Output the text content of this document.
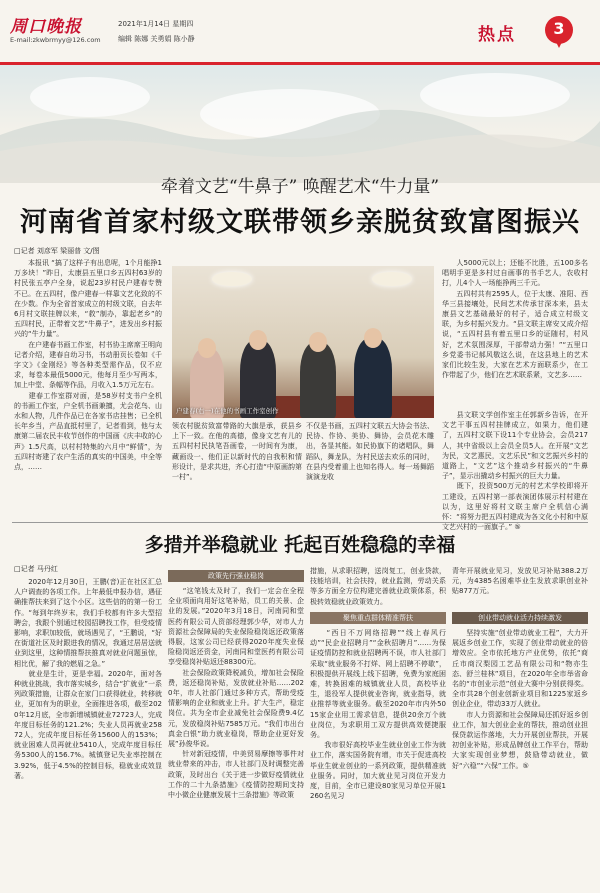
周口晚报
E-mail:zkwbrmyy@126.com
2021年1月14日 星期四
编辑 陈娜 关勇娟 陈小静	热点	3
牵着文艺“牛鼻子” 唤醒艺术“牛力量”
河南省首家村级文联带领乡亲脱贫致富图振兴
□记者 刘彦军 梁丽普 文/图
　　本报讯 “搞了这样子有出息呢，1个月能挣1万多块！”昨日，太康县五里口乡五四村63岁的村民张五亭户全身，说起23岁村民户建春专赞不已。在五四村，像户建春一样靠文艺化致的不在少数。作为全省首家成立的村级文联，自去年6月村文联挂牌以来，“救”制办，靠起老乡”的五四村民，正带着文艺“牛鼻子”，进发出乡村振兴的“牛力量”。
　　在户建春书画工作室，村书协主席席王明向记者介绍，建春自幼习书，书动册页长卷如《千字文》《金刚经》等各种类型需作品，仅不应求，每卷本最低5000元，他每月至少写两本，加上中堂、条幅等作品，月收入1.5万元左右。
　　建春工作室群对面，是58岁村支书户全机的书画工作室，户全机书画兼擅，尤会花鸟、山水和人物，几件作品已在各家书店挂售；已全机长年乡当，产品直抵村里了，记者看到，他与太康第二届农民丰收节创作的中国画《庆丰收的心声》1.5尺高，以村村特集的六月中“鲜情”，为五四村寄建了农户生活的真实的中国美，中全等点，……
户建春(右一)在他的书画工作室创作
领农村脱贫致富带路的大旗是承，获县乡上下一致。在他的高德，像身文艺有儿的五四村村民执笔吾画卷，一时间有为康，藏画设一、他们正以新时代的自我积和情形设计，是求共进，齐心打造“中原画韵第一村”。
不仅是书画，五四村文联五大协会书法、民协、作协、美协、舞协，会员花木雕出，各显其能。如民协旗下的诸唱队，舞蹈队，舞龙队，为村民送去欢乐的同时，在县内受着重上也知名得人。每一场舞蹈演演龙收
　　人5000元以上；还能不比胜，五100多名唱明手更是多村过自画事的书手艺人，农收村打，儿4个人一场能挣两三千元。
　　五四村共有2595人，位于太康、准阳、西华三县接壤处，民间艺术传承甘深本来，县太康县文艺基础最好的村子，适合成立村级文联，为乡村振兴发力。“县文联主席安又成介绍说，“五四村县有着五里口乡的证随村，村风好，艺术氛围深厚，干部带动力强！”“五里口乡党委书记郝风敬这么说，在这县地上的艺术家们比较生发，大家在艺术方面联系少，在工作带起了少，他们在艺术联系紧，文艺多……
　　县文联文学创作室主任郭新乡告诉，在开文艺干事五四村挂牌成立，如果力，他们建了，五四村文联下设11个专业协会，会员217人，其中省级以上会员全员5人。在开展“文艺为民，文艺惠民，文艺乐民”和文艺振兴乡村的道路上，“文艺”这个推动乡村振兴的“牛鼻子”，显示出撬动乡村振兴的巨大力量。
　　既下，投资500万元的村艺术学校即将开工建设，五四村第一部表演团体展示村村建在以为，这里好将村文联主席户全机信心满怀：“将努力把五四村建成为各文化小村和中原文艺兴村的一面旗子。” ⑤
多措并举稳就业 托起百姓稳稳的幸福
□记者 马丹红
　　2020年12月30日，王鹏(音)正在社区汇总人户调查的各项工作。上年最低申报办信，遇征确推帮扶来到了这个小区。这些信的的第一份工作。“每到年终岁末，我们手校都有许多大型招聘会，我跟个别通过校园招聘找工作，但受疫情影响，求职加较低，就场遇见了，“王鹏说，“好在街道社区及时跟进我的情况，我通过居居送就业到这里，这种情推帮扶推真对就业问题虽惊，相比优，解了我的燃眉之急。”
　　就业是生计，更是幸福。2020年，面对各种就业挑战，我市落实城乡，结合“扩就业”一系列政策措施，让群众在家门口获得就业，转移就业，更加有为的职业，全面推进各项，截至2020年12月底，全市新增城镇就业72723人，完成年度目标任务的121.2%；失业人员再就业25872人，完成年度目标任务15600人的153%；就业困难人员再就业5410人，完成年度目标任务5300人的156.7%。城镇登记失业率控制在3.92%，低于4.5%的控制目标，稳就业成效显著。
政策先行强业稳岗
　　“这笔钱太及时了，我们一定会在全程全业项面向用好这笔补贴，员工的关景、企业的发展。”2020年3月18日，河南同和堂医药有限公司人资部经理郭少华，对市人力资源社会保障局的失业保险稳岗返还政策落得服，这家公司已经获得2020年度失业保险稳岗返还资金，河南同和堂医药有限公司享受稳岗补贴返还88300元。
　　社会保险政策降税减负，增加社会保险费，返还稳岗补贴，发放就业补贴……2020年，市人社部门通过多种方式，帮助受疫情影响的企业和就业上升。扩大生产，稳定岗位。共为全市企业减免社会保险费9.4亿元，发放稳岗补贴7585万元。“我们市出台真金白银”助力就业稳岗，帮助企业更好发展”孙俊华说。
　　针对新冠疫情，中美贸易摩擦等事件对就业带来的冲击，市人社部门及时调整完善政策，及时出台《关于进一步做好疫情就业工作的二十九条措施》《疫情防控期间支持中小微企业健康发展十三条措施》等政策
措施，从求职招聘，送岗复工，创业贷款，技能培训，社会扶持，就业监测，劳动关系等多方面全方位构建完善就业政策体系，积极转效稳就业政策效力。
聚焦重点群体精准帮扶
　　“西日不万网络招聘”“线上春风行动”“民企业招聘月”“金秋招聘月”……为保证疫情防控和就业招聘两不误，市人社部门采取“就业服务不打烊、网上招聘不停歇”，积极提供开展线上线下招聘，免费为家庭困难，转换困难的城镇就业人员，高校毕业生，退役军人提供就业咨询，就业指导，就业推荐等就业服务。截至2020年市内外5015家企业用工需求信息，提供20余万个就业岗位，为求职用工双方提供高效便捷服务。
　　我市很好高校毕业生就业创业工作为就业工作，落实国务院有增，市关于促进高校毕业生就业创业的一系列政策，提供精准就业服务。同时，加大就业见习岗位开发力度，目前，全市已建设80家见习单位开展1260名见习
青年开展就业见习，发放见习补贴388.2万元，为4385名困难毕业生发放求职创业补贴877万元。
创业带动就业活力持续激发
　　坚持实施“创业带动就业工程”，大力开展返乡创业工作，实现了创业带动就业的倍增效应。全市依托地方产业优势，依托“商丘市商汉梨园工艺品有限公司和“物亦生态、舒兰桂林”项目，在2020年全市举省命名的“市创业示范”创业大赛中分别获得奖。全市共28个创业创新业项目和1225家返乡创业企业，带动33万人就业。
　　市人力资源和社会保障局还抓好返乡创业工作，加大创业企业的帮扶，推动创业担保贷款运作落地，大力开展创业帮扶，开展初创业补贴，形成品牌创业工作平台，帮助大家实现创业梦想，鼓励带动就业，做好“六稳”“六保”工作。⑤
